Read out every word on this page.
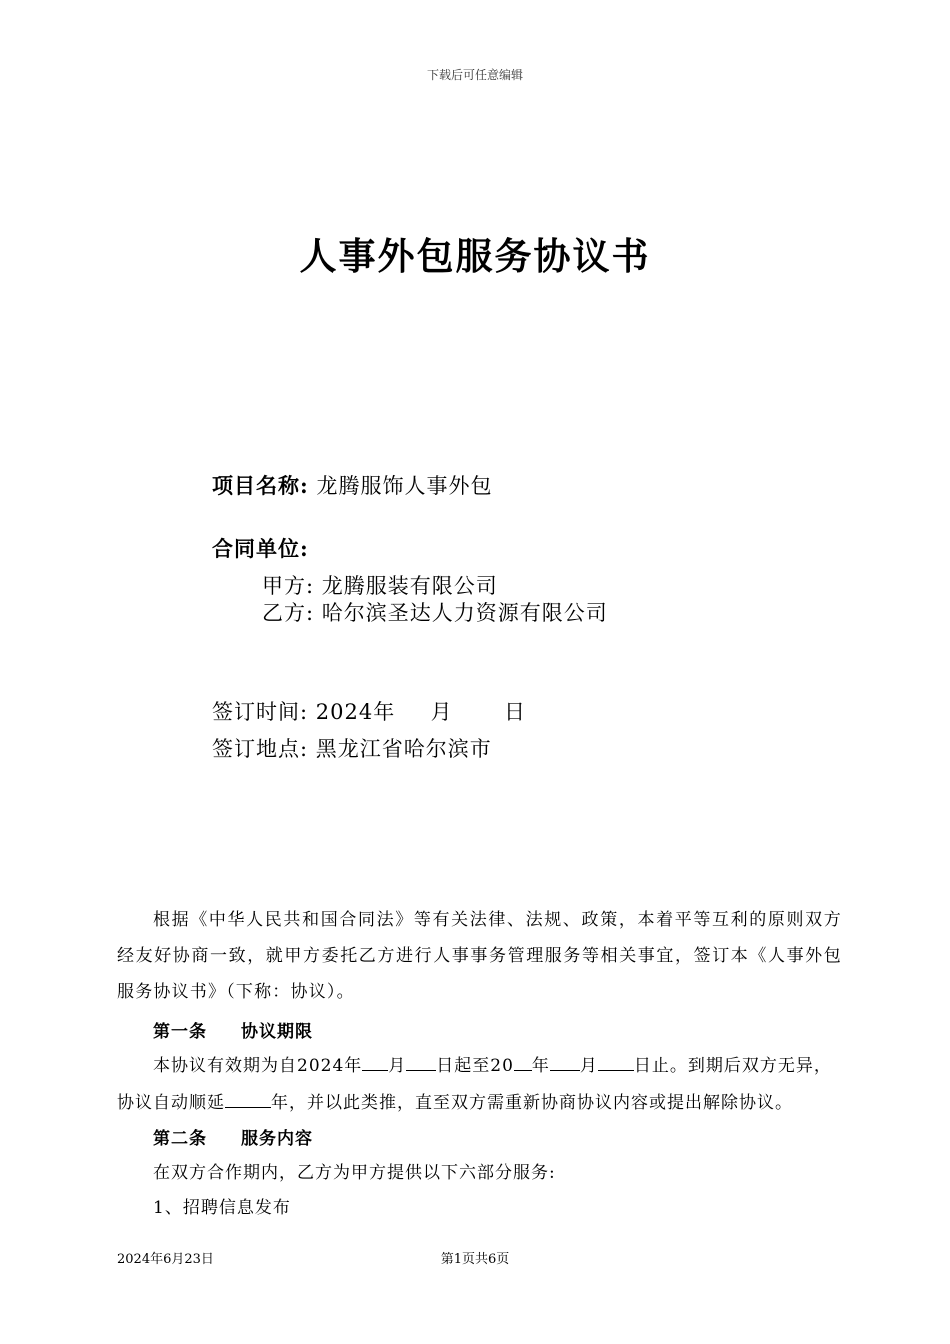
下载后可任意编辑
人事外包服务协议书
项目名称: 龙腾服饰人事外包
合同单位:
甲方: 龙腾服装有限公司
乙方: 哈尔滨圣达人力资源有限公司
签订时间: 2024年 月 日
签订地点: 黑龙江省哈尔滨市
根据《中华人民共和国合同法》等有关法律、法规、政策，本着平等互利的原则双方经友好协商一致，就甲方委托乙方进行人事事务管理服务等相关事宜，签订本《人事外包服务协议书》（下称：协议）。
第一条 协议期限
本协议有效期为自2024年 月 日起至20 年 月 日止。到期后双方无异，
协议自动顺延	年，并以此类推，直至双方需重新协商协议内容或提出解除协议。
第二条 服务内容
在双方合作期内，乙方为甲方提供以下六部分服务:
1、招聘信息发布
2024年6月23日	第1页共6页
